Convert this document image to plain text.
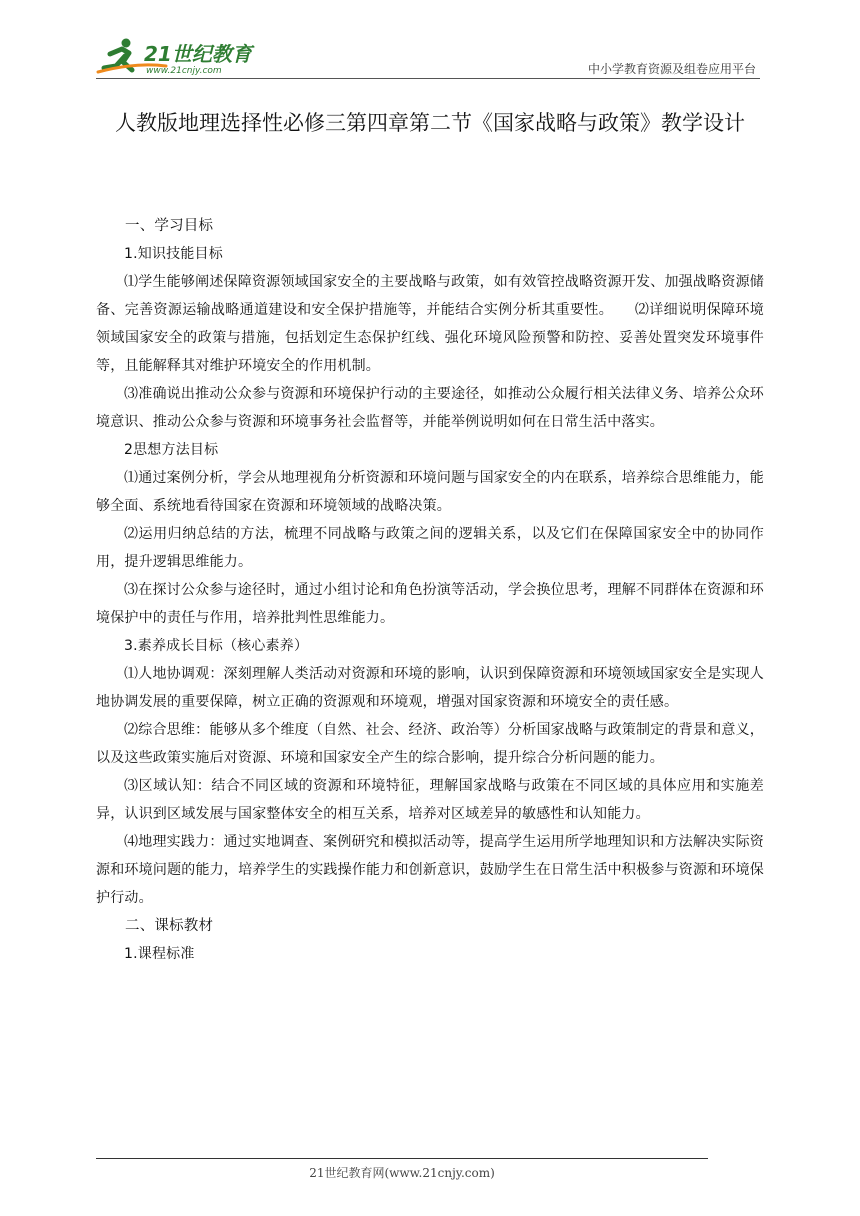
21世纪教育
www.21cnjy.com	中小学教育资源及组卷应用平台
人教版地理选择性必修三第四章第二节《国家战略与政策》教学设计

一、学习目标

1.知识技能目标

⑴学生能够阐述保障资源领域国家安全的主要战略与政策，如有效管控战略资源开发、加强战略资源储备、完善资源运输战略通道建设和安全保护措施等，并能结合实例分析其重要性。　　⑵详细说明保障环境领域国家安全的政策与措施，包括划定生态保护红线、强化环境风险预警和防控、妥善处置突发环境事件等，且能解释其对维护环境安全的作用机制。

⑶准确说出推动公众参与资源和环境保护行动的主要途径，如推动公众履行相关法律义务、培养公众环境意识、推动公众参与资源和环境事务社会监督等，并能举例说明如何在日常生活中落实。

2思想方法目标

⑴通过案例分析，学会从地理视角分析资源和环境问题与国家安全的内在联系，培养综合思维能力，能够全面、系统地看待国家在资源和环境领域的战略决策。

⑵运用归纳总结的方法，梳理不同战略与政策之间的逻辑关系，以及它们在保障国家安全中的协同作用，提升逻辑思维能力。

⑶在探讨公众参与途径时，通过小组讨论和角色扮演等活动，学会换位思考，理解不同群体在资源和环境保护中的责任与作用，培养批判性思维能力。

3.素养成长目标（核心素养）

⑴人地协调观：深刻理解人类活动对资源和环境的影响，认识到保障资源和环境领域国家安全是实现人地协调发展的重要保障，树立正确的资源观和环境观，增强对国家资源和环境安全的责任感。

⑵综合思维：能够从多个维度（自然、社会、经济、政治等）分析国家战略与政策制定的背景和意义，以及这些政策实施后对资源、环境和国家安全产生的综合影响，提升综合分析问题的能力。

⑶区域认知：结合不同区域的资源和环境特征，理解国家战略与政策在不同区域的具体应用和实施差异，认识到区域发展与国家整体安全的相互关系，培养对区域差异的敏感性和认知能力。

⑷地理实践力：通过实地调查、案例研究和模拟活动等，提高学生运用所学地理知识和方法解决实际资源和环境问题的能力，培养学生的实践操作能力和创新意识，鼓励学生在日常生活中积极参与资源和环境保护行动。

二、课标教材

1.课程标准

21世纪教育网(www.21cnjy.com)
